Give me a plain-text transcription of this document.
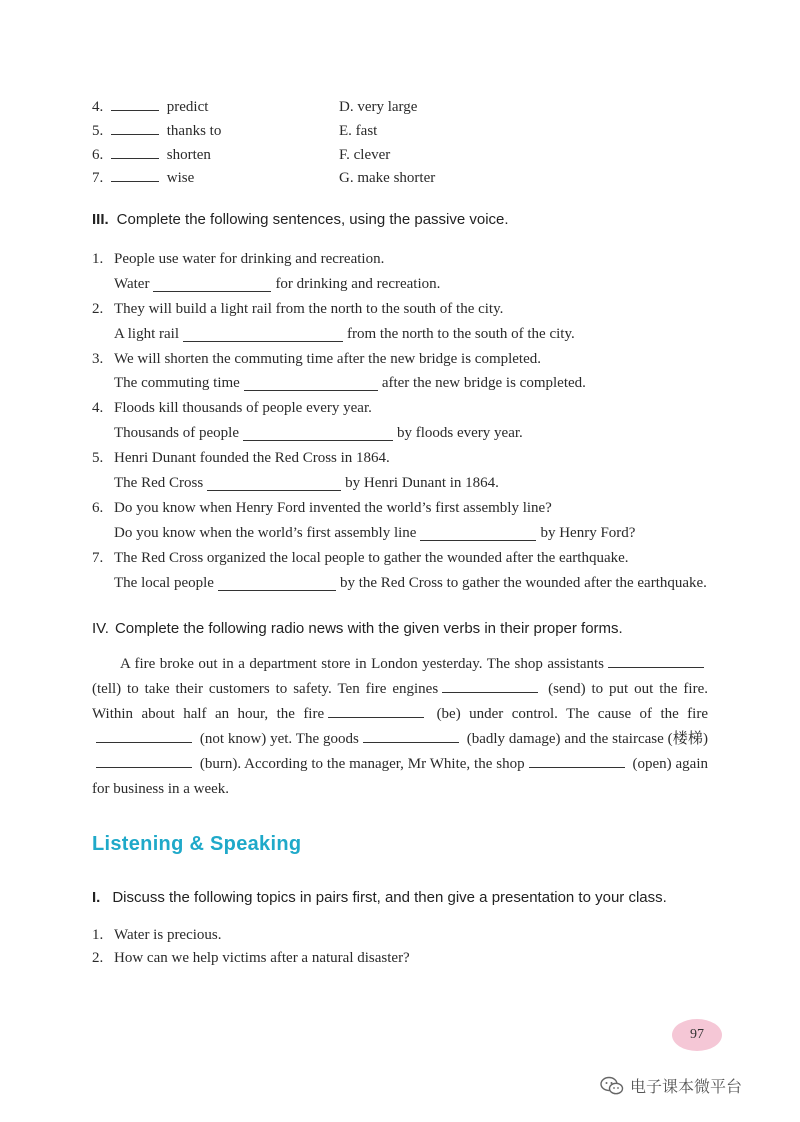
4.	predict	D. very large
5.	thanks to	E. fast
6.	shorten	F. clever
7.	wise	G. make shorter
III. Complete the following sentences, using the passive voice.
1. People use water for drinking and recreation.
Water	for drinking and recreation.
2. They will build a light rail from the north to the south of the city.
A light rail	from the north to the south of the city.
3. We will shorten the commuting time after the new bridge is completed.
The commuting time	after the new bridge is completed.
4. Floods kill thousands of people every year.
Thousands of people	by floods every year.
5. Henri Dunant founded the Red Cross in 1864.
The Red Cross	by Henri Dunant in 1864.
6. Do you know when Henry Ford invented the world’s first assembly line?
Do you know when the world’s first assembly line	by Henry Ford?
7. The Red Cross organized the local people to gather the wounded after the earthquake.
The local people	by the Red Cross to gather the wounded after the earthquake.
IV. Complete the following radio news with the given verbs in their proper forms.
A fire broke out in a department store in London yesterday. The shop assistants (tell) to take their customers to safety. Ten fire engines	(send) to put out the fire. Within about half an hour, the fire	(be) under control. The cause of the fire (not know) yet. The goods	(badly damage) and the staircase (楼梯) (burn). According to the manager, Mr White, the shop	(open) again for business in a week.
Listening & Speaking
I. Discuss the following topics in pairs first, and then give a presentation to your class.
1. Water is precious.
2. How can we help victims after a natural disaster?
97
电子课本微平台
